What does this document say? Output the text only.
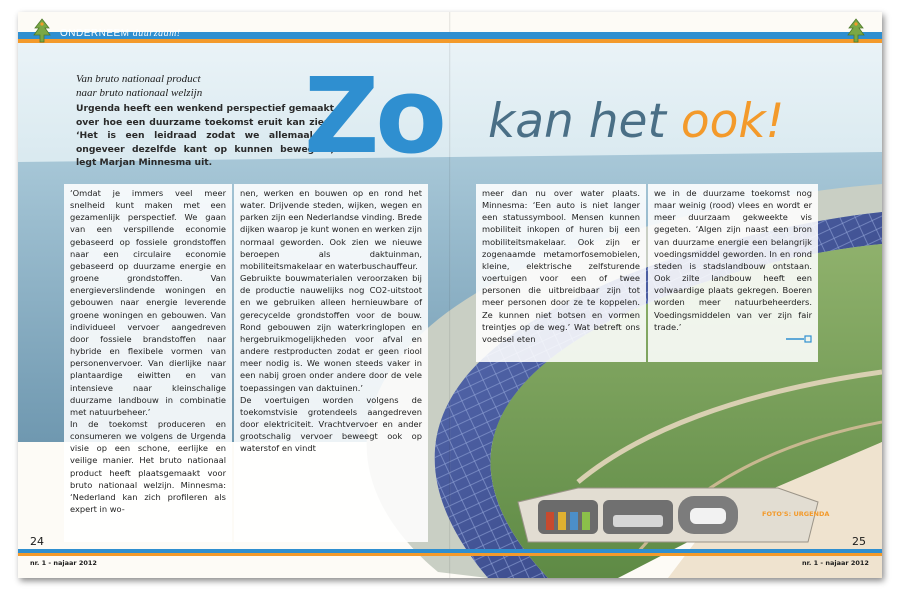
ONDERNEEM duurzaam!
Van bruto nationaal product
naar bruto nationaal welzijn
Urgenda heeft een wenkend perspectief gemaakt over hoe een duurzame toekomst eruit kan zien. ‘Het is een leidraad zodat we allemaal zo ongeveer dezelfde kant op kunnen bewegen’, legt Marjan Minnesma uit. Zo kan het ook!

‘Omdat je immers veel meer snelheid kunt maken met een gezamenlijk perspectief. We gaan van een verspillende economie gebaseerd op fossiele grondstoffen naar een circulaire economie gebaseerd op duurzame energie en groene grondstoffen. Van energieverslindende woningen en gebouwen naar energie leverende groene woningen en gebouwen. Van individueel vervoer aangedreven door fossiele brandstoffen naar hybride en flexibele vormen van personenvervoer. Van dierlijke naar plantaardige eiwitten en van intensieve naar kleinschalige duurzame landbouw in combinatie met natuurbeheer.’

In de toekomst produceren en consumeren we volgens de Urgenda visie op een schone, eerlijke en veilige manier. Het bruto nationaal product heeft plaatsgemaakt voor bruto nationaal welzijn. Minnesma: ‘Nederland kan zich profileren als expert in wo-

nen, werken en bouwen op en rond het water. Drijvende steden, wijken, wegen en parken zijn een Nederlandse vinding. Brede dijken waarop je kunt wonen en werken zijn normaal geworden. Ook zien we nieuwe beroepen als daktuinman, mobiliteitsmakelaar en waterbuschauffeur.

Gebruikte bouwmaterialen veroorzaken bij de productie nauwelijks nog CO2-uitstoot en we gebruiken alleen hernieuwbare of gerecycelde grondstoffen voor de bouw. Rond gebouwen zijn waterkringlopen en hergebruikmogelijkheden voor afval en andere restproducten zodat er geen riool meer nodig is. We wonen steeds vaker in een nabij groen onder andere door de vele toepassingen van daktuinen.’

De voertuigen worden volgens de toekomstvisie grotendeels aangedreven door elektriciteit. Vrachtvervoer en ander grootschalig vervoer beweegt ook op waterstof en vindt

meer dan nu over water plaats. Minnesma: ‘Een auto is niet langer een statussymbool. Mensen kunnen mobiliteit inkopen of huren bij een mobiliteitsmakelaar. Ook zijn er zogenaamde metamorfosemobielen, kleine, elektrische zelfsturende voertuigen voor een of twee personen die uitbreidbaar zijn tot meer personen door ze te koppelen. Ze kunnen niet botsen en vormen treintjes op de weg.’ Wat betreft ons voedsel eten

we in de duurzame toekomst nog maar weinig (rood) vlees en wordt er meer duurzaam gekweekte vis gegeten. ‘Algen zijn naast een bron van duurzame energie een belangrijk voedingsmiddel geworden. In en rond steden is stadslandbouw ontstaan. Ook zilte landbouw heeft een volwaardige plaats gekregen. Boeren worden meer natuurbeheerders. Voedingsmiddelen van ver zijn fair trade.’

FOTO'S: URGENDA
24	25
nr. 1 - najaar 2012	nr. 1 - najaar 2012
